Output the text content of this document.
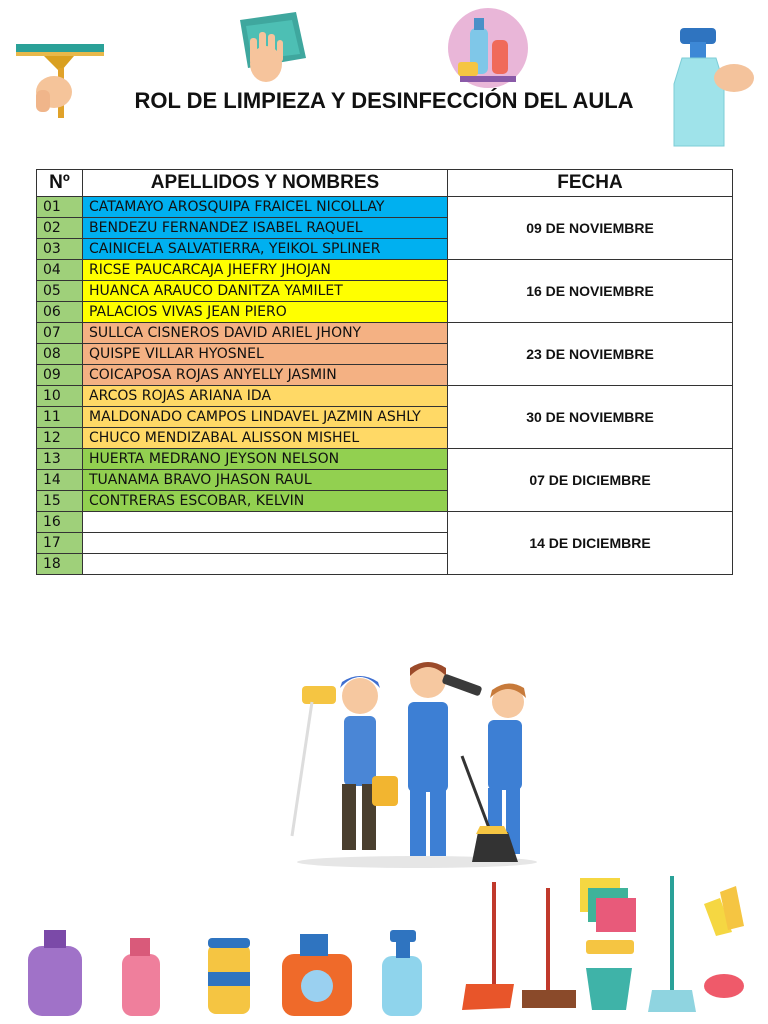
ROL DE LIMPIEZA Y DESINFECCIÓN DEL AULA
Nº	APELLIDOS Y NOMBRES	FECHA
01	CATAMAYO AROSQUIPA FRAICEL NICOLLAY	09 DE NOVIEMBRE
02	BENDEZU FERNANDEZ ISABEL RAQUEL	
03	CAINICELA SALVATIERRA, YEIKOL SPLINER	
04	RICSE PAUCARCAJA JHEFRY JHOJAN	16 DE NOVIEMBRE
05	HUANCA ARAUCO DANITZA YAMILET	
06	PALACIOS VIVAS JEAN PIERO	
07	SULLCA CISNEROS DAVID ARIEL JHONY	23 DE NOVIEMBRE
08	QUISPE VILLAR HYOSNEL	
09	COICAPOSA ROJAS ANYELLY JASMIN	
10	ARCOS ROJAS ARIANA IDA	30 DE NOVIEMBRE
11	MALDONADO CAMPOS LINDAVEL JAZMIN ASHLY	
12	CHUCO MENDIZABAL ALISSON MISHEL	
13	HUERTA MEDRANO JEYSON NELSON	07 DE DICIEMBRE
14	TUANAMA BRAVO JHASON RAUL	
15	CONTRERAS ESCOBAR, KELVIN	
16		14 DE DICIEMBRE
17		
18		
